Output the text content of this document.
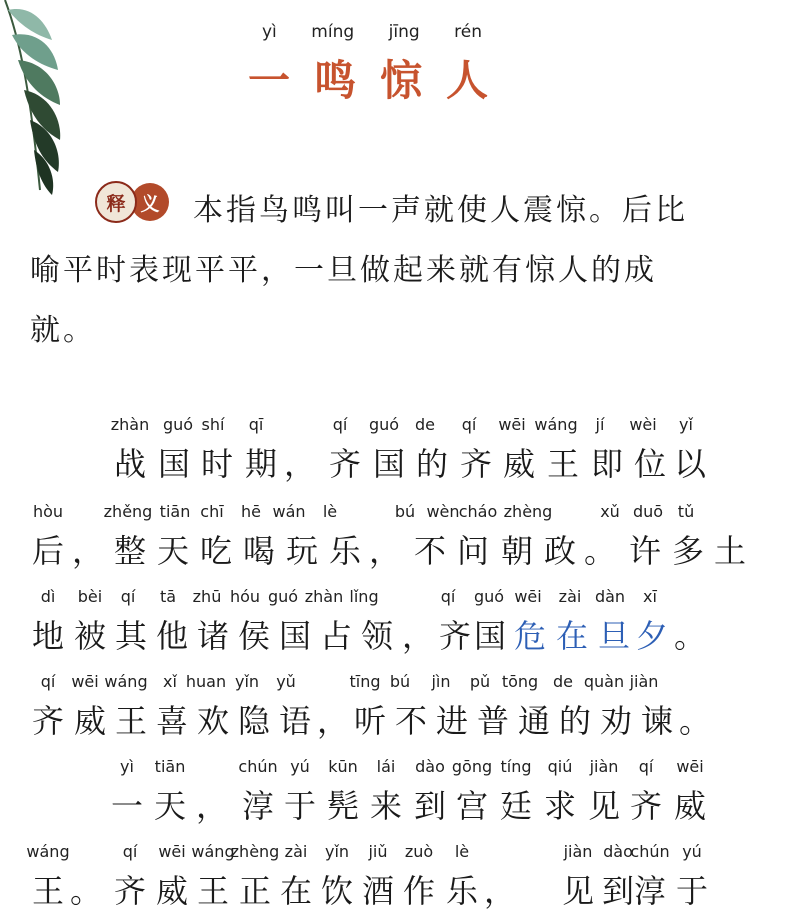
yì míng jīng rén
一 鸣 惊 人
释 义	本指鸟鸣叫一声就使人震惊。后比
喻平时表现平平，一旦做起来就有惊人的成
就。
zhàn guó shí qī	qí guó de qí wēi wáng jí wèi yǐ
战 国 时 期 ， 齐 国 的 齐 威 王 即 位 以
hòu	zhěng tiān chī hē wán lè	bú wèn cháo zhèng	xǔ duō tǔ
后 ， 整 天 吃 喝 玩 乐 ， 不 问 朝 政 。 许 多 土
dì bèi qí tā zhū hóu guó zhàn lǐng	qí guó wēi zài dàn xī
地 被 其 他 诸 侯 国 占 领 ， 齐 国 危 在 旦 夕 。
qí wēi wáng xǐ huan yǐn yǔ	tīng bú jìn pǔ tōng de quàn jiàn
齐 威 王 喜 欢 隐 语 ， 听 不 进 普 通 的 劝 谏 。
yì tiān	chún yú kūn lái dào gōng tíng qiú jiàn qí wēi
一 天 ， 淳 于 髡 来 到 宫 廷 求 见 齐 威
wáng	qí wēi wáng
zhèng zài yǐn jiǔ zuò lè	jiàn dào
chún yú
王 。 齐 威 王 正 在 饮 酒 作 乐 ， 见 到 淳 于
